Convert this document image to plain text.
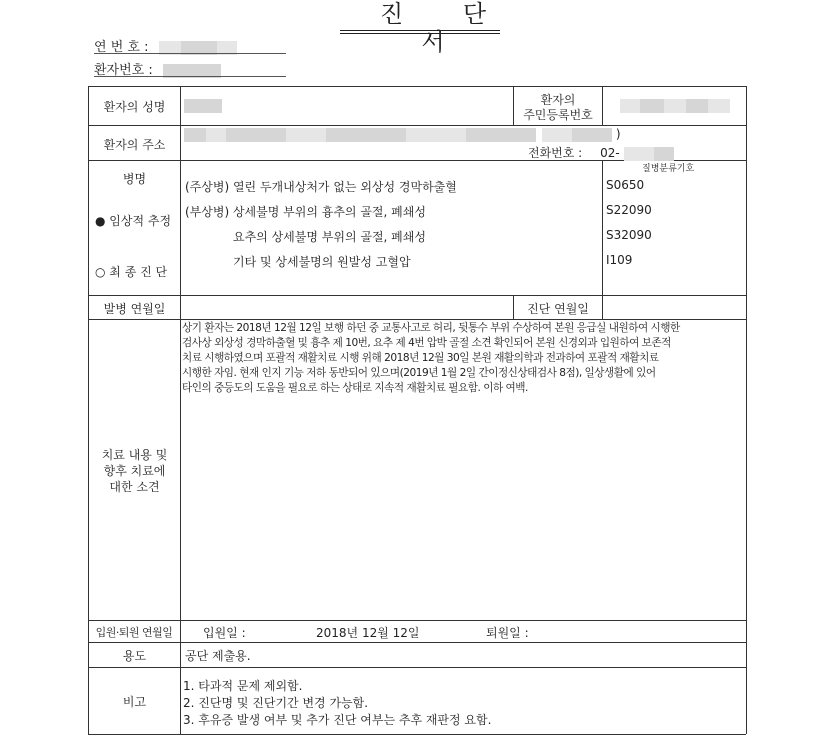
진 단 서
연 번 호 :
환자번호 :
환자의 성명	환자의
주민등록번호
환자의 주소
)
전화번호 : 02-
질병분류기호
병명
● 임상적 추정
○ 최 종 진 단
(주상병) 열린 두개내상처가 없는 외상성 경막하출혈	S0650
(부상병) 상세불명 부위의 흉추의 골절, 폐쇄성	S22090
요추의 상세불명 부위의 골절, 폐쇄성	S32090
기타 및 상세불명의 원발성 고혈압	I109
발병 연월일	진단 연월일
치료 내용 및
향후 치료에
대한 소견
상기 환자는 2018년 12월 12일 보행 하던 중 교통사고로 허리, 뒷통수 부위 수상하여 본원 응급실 내원하여 시행한
검사상 외상성 경막하출혈 및 흉추 제 10번, 요추 제 4번 압박 골절 소견 확인되어 본원 신경외과 입원하여 보존적
치료 시행하였으며 포괄적 재활치료 시행 위해 2018년 12월 30일 본원 재활의학과 전과하여 포괄적 재활치료
시행한 자임. 현재 인지 기능 저하 동반되어 있으며(2019년 1월 2일 간이정신상태검사 8점), 일상생활에 있어
타인의 중등도의 도움을 필요로 하는 상태로 지속적 재활치료 필요함. 이하 여백.
입원·퇴원 연월일	입원일 :	2018년 12월 12일	퇴원일 :
용도	공단 제출용.
비고
1. 타과적 문제 제외함.
2. 진단명 및 진단기간 변경 가능함.
3. 후유증 발생 여부 및 추가 진단 여부는 추후 재판정 요함.
